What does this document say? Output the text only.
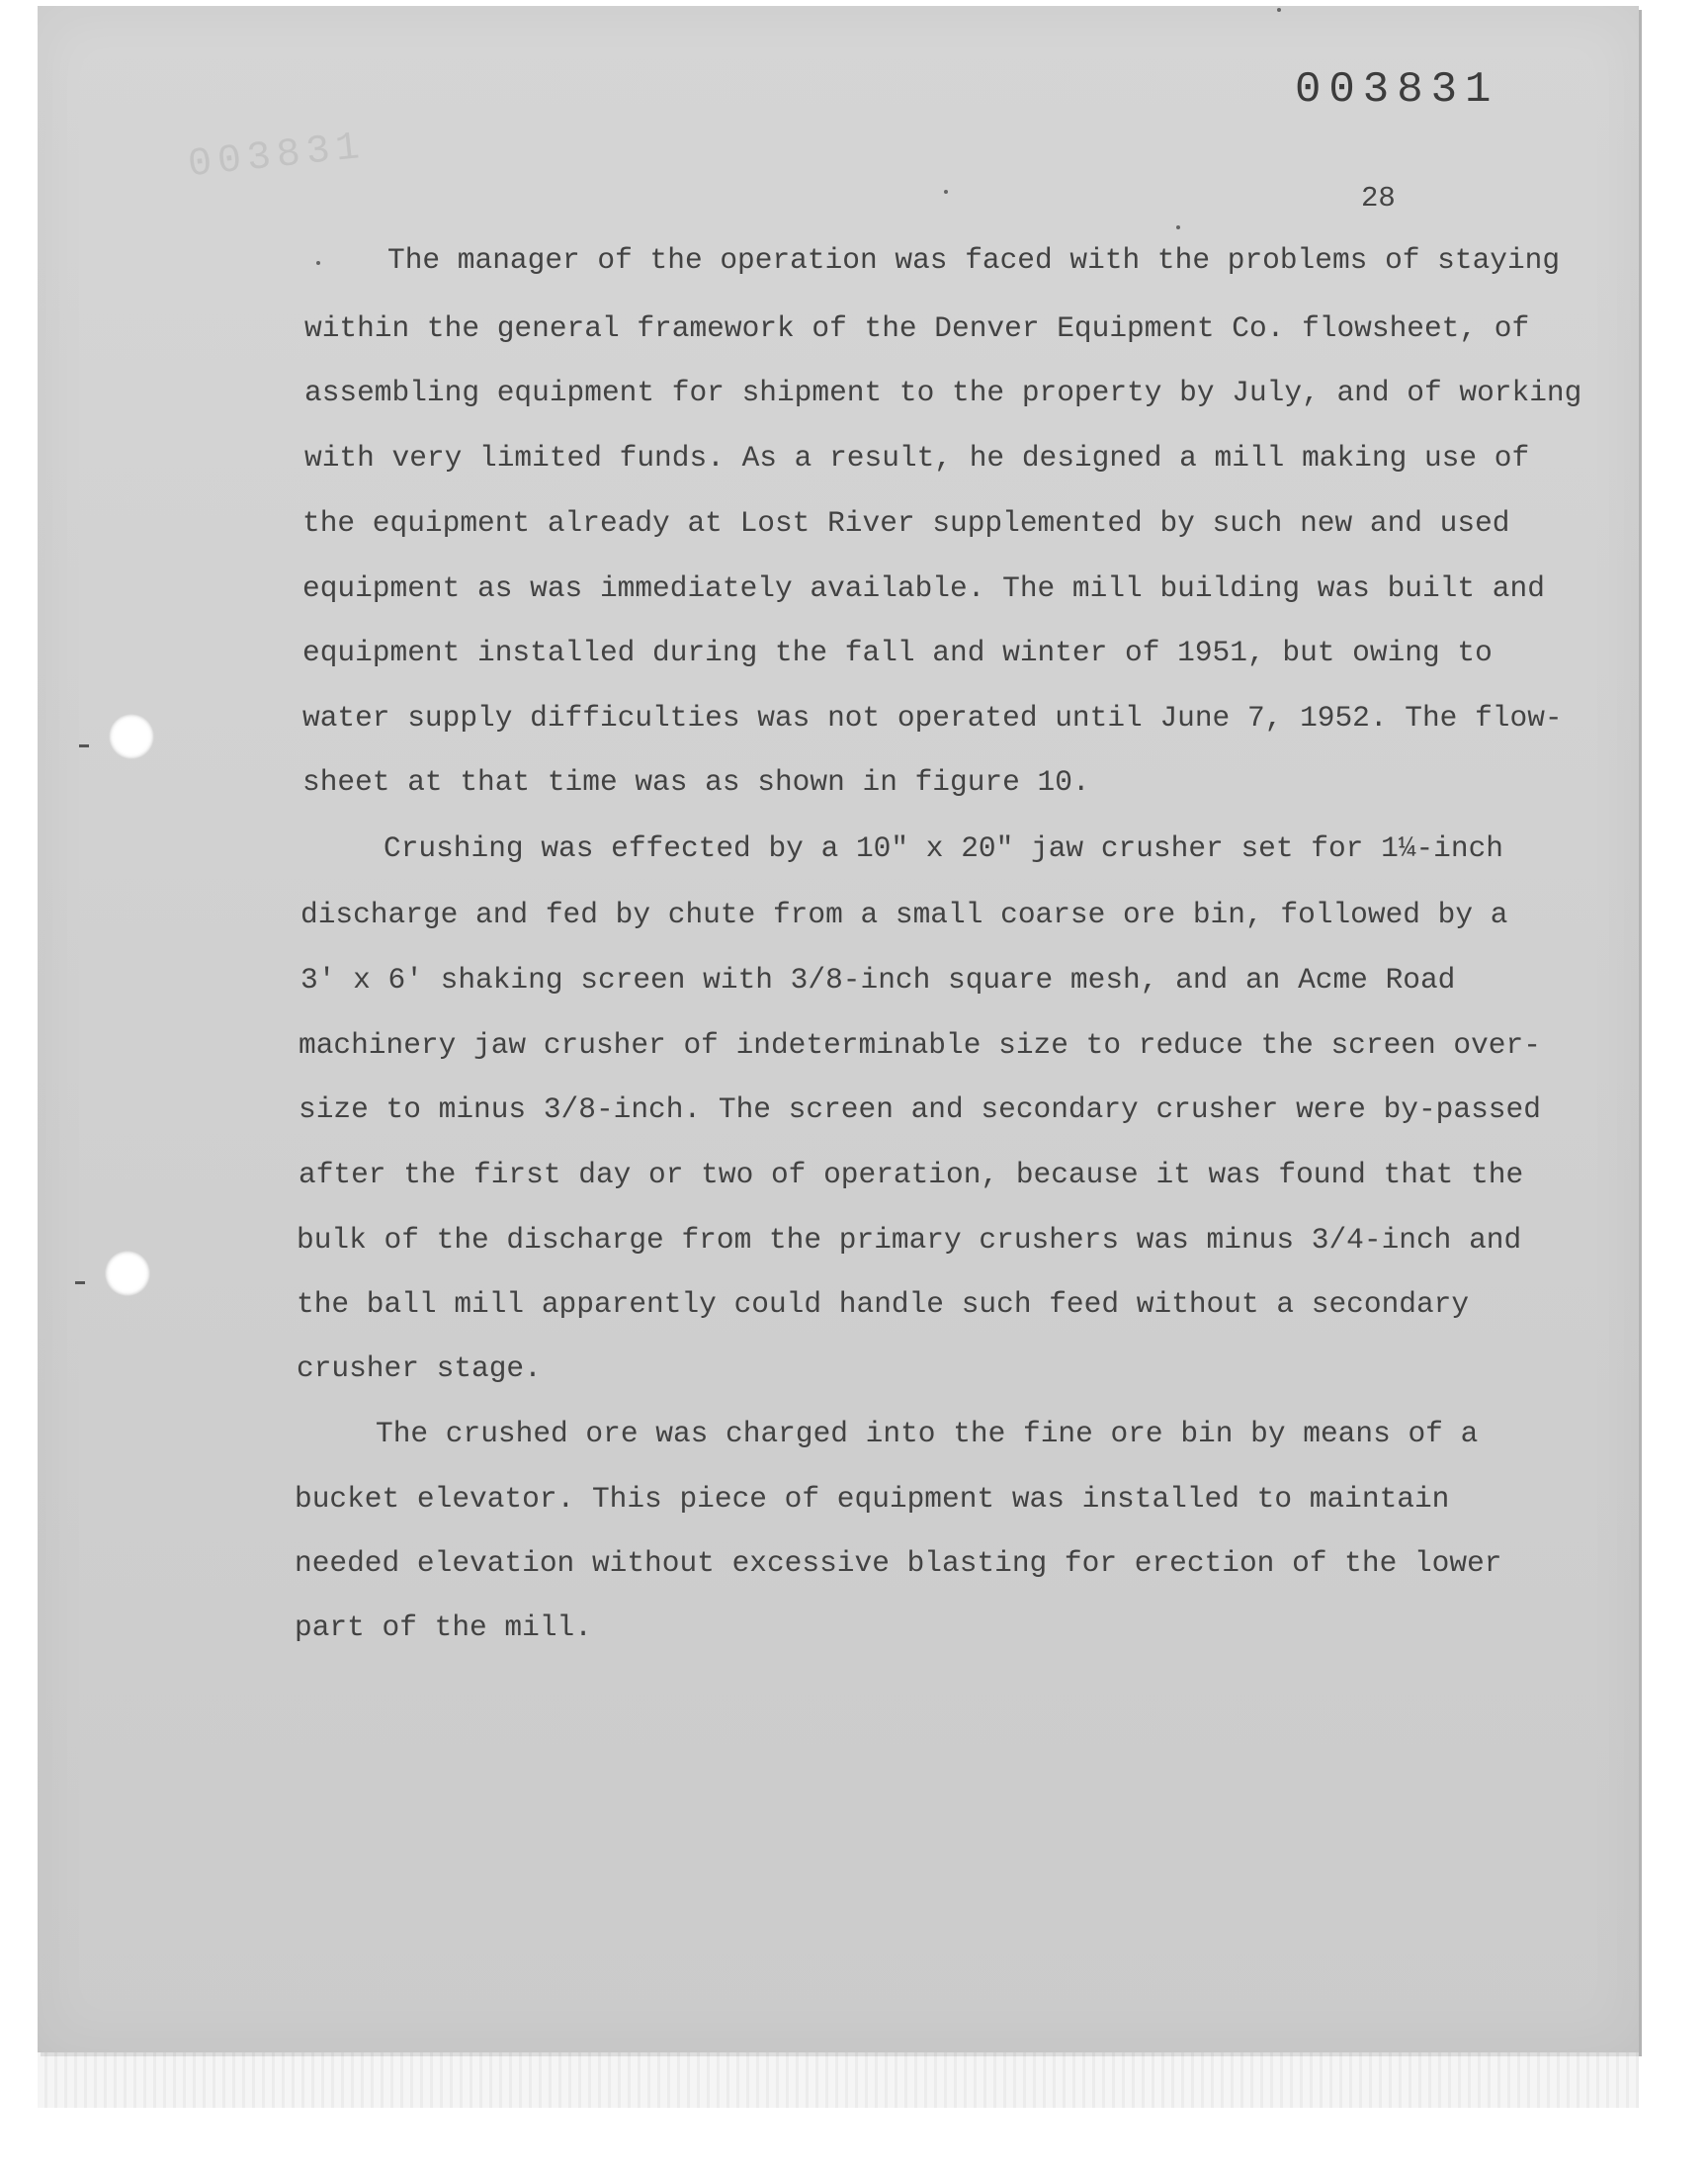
003831
003831
28
The manager of the operation was faced with the problems of staying
within the general framework of the Denver Equipment Co. flowsheet, of
assembling equipment for shipment to the property by July, and of working
with very limited funds. As a result, he designed a mill making use of
the equipment already at Lost River supplemented by such new and used
equipment as was immediately available. The mill building was built and
equipment installed during the fall and winter of 1951, but owing to
water supply difficulties was not operated until June 7, 1952. The flow-
sheet at that time was as shown in figure 10.
Crushing was effected by a 10" x 20" jaw crusher set for 1¼-inch
discharge and fed by chute from a small coarse ore bin, followed by a
3' x 6' shaking screen with 3/8-inch square mesh, and an Acme Road
machinery jaw crusher of indeterminable size to reduce the screen over-
size to minus 3/8-inch. The screen and secondary crusher were by-passed
after the first day or two of operation, because it was found that the
bulk of the discharge from the primary crushers was minus 3/4-inch and
the ball mill apparently could handle such feed without a secondary
crusher stage.
The crushed ore was charged into the fine ore bin by means of a
bucket elevator. This piece of equipment was installed to maintain
needed elevation without excessive blasting for erection of the lower
part of the mill.
